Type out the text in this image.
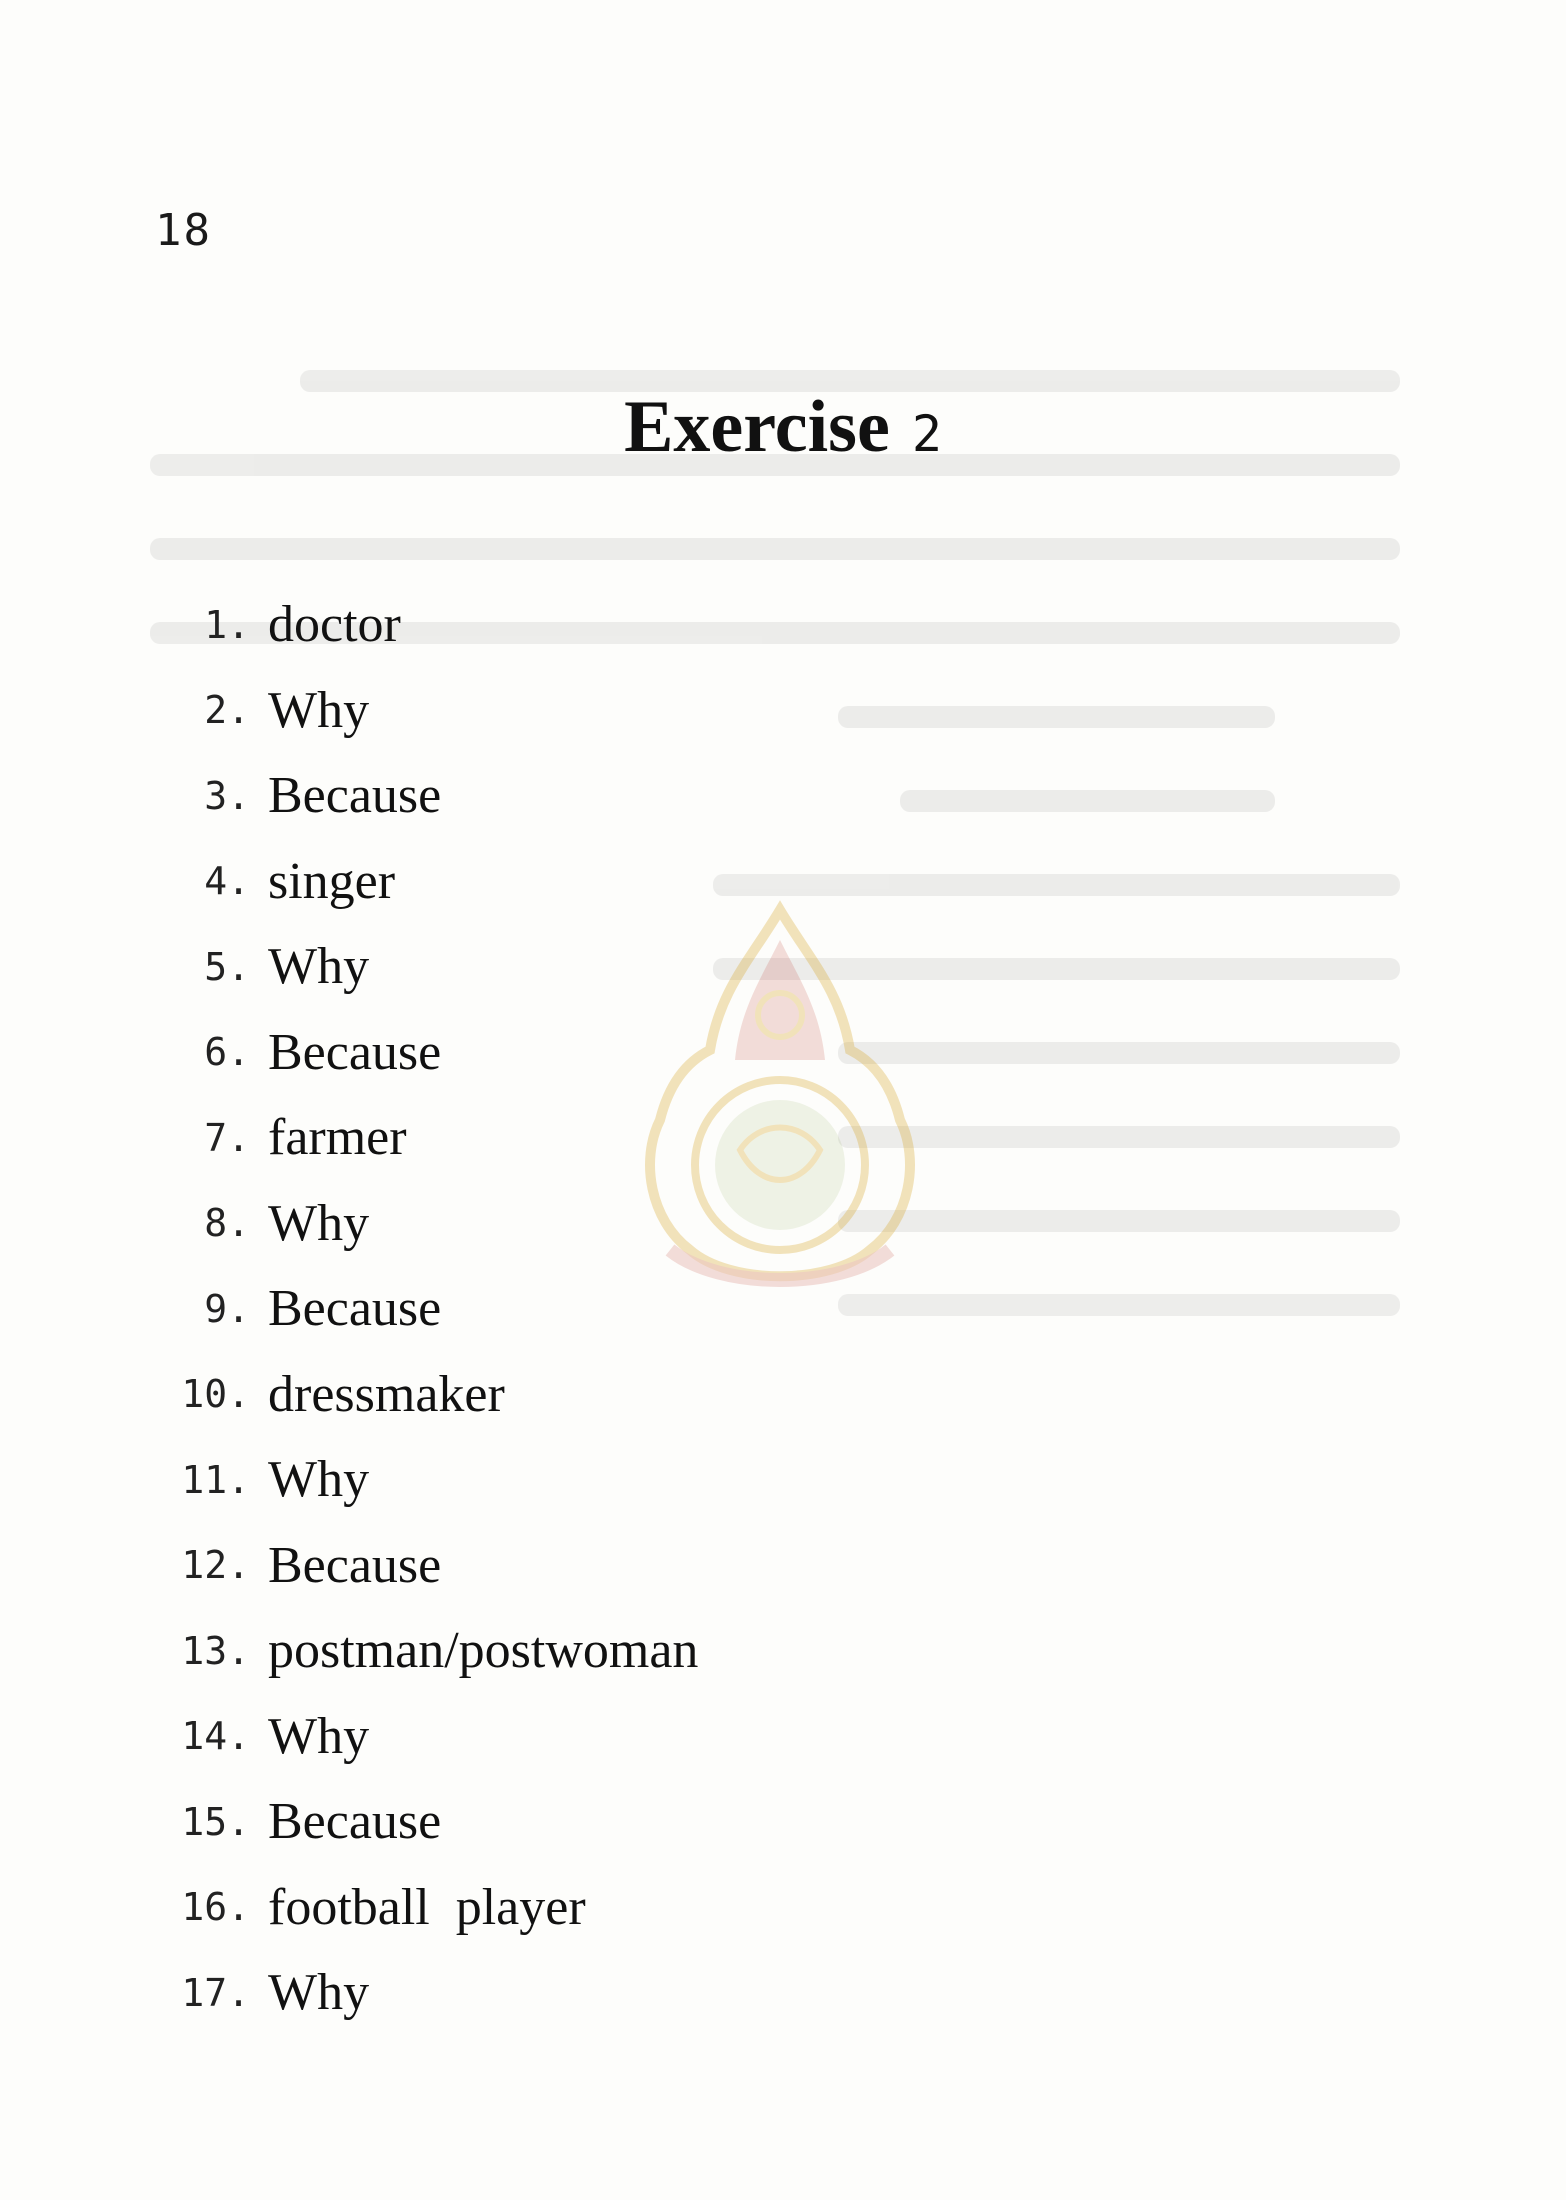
18
Exercise 2
1. doctor
2. Why
3. Because
4. singer
5. Why
6. Because
7. farmer
8. Why
9. Because
10. dressmaker
11. Why
12. Because
13. postman/postwoman
14. Why
15. Because
16. football  player
17. Why
